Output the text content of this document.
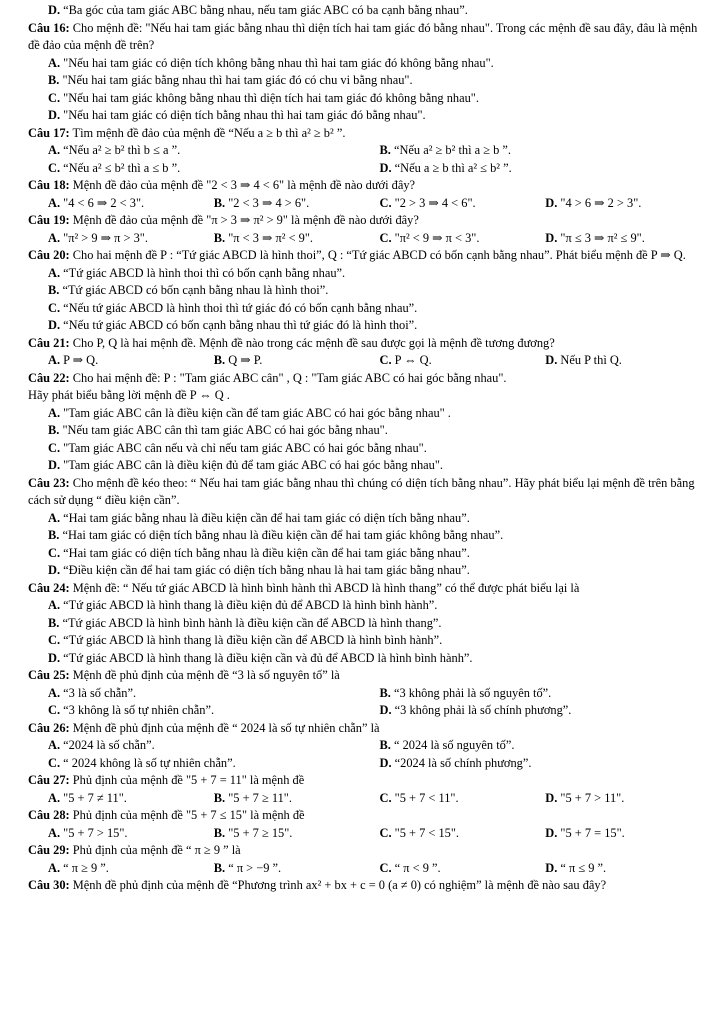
D. “Ba góc của tam giác ABC bằng nhau, nếu tam giác ABC có ba cạnh bằng nhau”.
Câu 16: Cho mệnh đề: "Nếu hai tam giác bằng nhau thì diện tích hai tam giác đó bằng nhau". Trong các mệnh đề sau đây, đâu là mệnh đề đảo của mệnh đề trên?
A. "Nếu hai tam giác có diện tích không bằng nhau thì hai tam giác đó không bằng nhau".
B. "Nếu hai tam giác bằng nhau thì hai tam giác đó có chu vi bằng nhau".
C. "Nếu hai tam giác không bằng nhau thì diện tích hai tam giác đó không bằng nhau".
D. "Nếu hai tam giác có diện tích bằng nhau thì hai tam giác đó bằng nhau".
Câu 17: Tìm mệnh đề đảo của mệnh đề “Nếu a ≥ b thì a² ≥ b² ”.
A. “Nếu a² ≥ b² thì b ≤ a ”.	B. “Nếu a² ≥ b² thì a ≥ b ”.
C. “Nếu a² ≤ b² thì a ≤ b ”.	D. “Nếu a ≥ b thì a² ≤ b² ”.
Câu 18: Mệnh đề đảo của mệnh đề "2 < 3 ⇒ 4 < 6" là mệnh đề nào dưới đây?
A. "4 < 6 ⇒ 2 < 3".	B. "2 < 3 ⇒ 4 > 6".	C. "2 > 3 ⇒ 4 < 6".	D. "4 > 6 ⇒ 2 > 3".
Câu 19: Mệnh đề đảo của mệnh đề "π > 3 ⇒ π² > 9" là mệnh đề nào dưới đây?
A. "π² > 9 ⇒ π > 3".	B. "π < 3 ⇒ π² < 9".	C. "π² < 9 ⇒ π < 3".	D. "π ≤ 3 ⇒ π² ≤ 9".
Câu 20: Cho hai mệnh đề P : “Tứ giác ABCD là hình thoi”, Q : “Tứ giác ABCD có bốn cạnh bằng nhau”. Phát biểu mệnh đề P ⇒ Q.
A. “Tứ giác ABCD là hình thoi thì có bốn cạnh bằng nhau”.
B. “Tứ giác ABCD có bốn cạnh bằng nhau là hình thoi”.
C. “Nếu tứ giác ABCD là hình thoi thì tứ giác đó có bốn cạnh bằng nhau”.
D. “Nếu tứ giác ABCD có bốn cạnh bằng nhau thì tứ giác đó là hình thoi”.
Câu 21: Cho P, Q là hai mệnh đề. Mệnh đề nào trong các mệnh đề sau được gọi là mệnh đề tương đương?
A. P ⇒ Q.	B. Q ⇒ P.	C. P ⇔ Q.	D. Nếu P thì Q.
Câu 22: Cho hai mệnh đề: P : "Tam giác ABC cân" , Q : "Tam giác ABC có hai góc bằng nhau".
Hãy phát biểu bằng lời mệnh đề P ⇔ Q .
A. "Tam giác ABC cân là điều kiện cần để tam giác ABC có hai góc bằng nhau" .
B. "Nếu tam giác ABC cân thì tam giác ABC có hai góc bằng nhau".
C. "Tam giác ABC cân nếu và chỉ nếu tam giác ABC có hai góc bằng nhau".
D. "Tam giác ABC cân là điều kiện đủ để tam giác ABC có hai góc bằng nhau".
Câu 23: Cho mệnh đề kéo theo: “ Nếu hai tam giác bằng nhau thì chúng có diện tích bằng nhau”. Hãy phát biểu lại mệnh đề trên bằng cách sử dụng “ điều kiện cần”.
A. “Hai tam giác bằng nhau là điều kiện cần để hai tam giác có diện tích bằng nhau”.
B. “Hai tam giác có diện tích bằng nhau là điều kiện cần để hai tam giác không bằng nhau”.
C. “Hai tam giác có diện tích bằng nhau là điều kiện cần để hai tam giác bằng nhau”.
D. “Điều kiện cần để hai tam giác có diện tích bằng nhau là hai tam giác bằng nhau”.
Câu 24: Mệnh đề: “ Nếu tứ giác ABCD là hình bình hành thì ABCD là hình thang” có thể được phát biểu lại là
A. “Tứ giác ABCD là hình thang là điều kiện đủ để ABCD là hình bình hành”.
B. “Tứ giác ABCD là hình bình hành là điều kiện cần để ABCD là hình thang”.
C. “Tứ giác ABCD là hình thang là điều kiện cần để ABCD là hình bình hành”.
D. “Tứ giác ABCD là hình thang là điều kiện cần và đủ để ABCD là hình bình hành”.
Câu 25: Mệnh đề phủ định của mệnh đề “3 là số nguyên tố” là
A. “3 là số chẵn”.	B. “3 không phải là số nguyên tố”.
C. “3 không là số tự nhiên chẵn”.	D. “3 không phải là số chính phương”.
Câu 26: Mệnh đề phủ định của mệnh đề “ 2024 là số tự nhiên chẵn” là
A. “2024 là số chẵn”.	B. “ 2024 là số nguyên tố”.
C. “ 2024 không là số tự nhiên chẵn”.	D. “2024 là số chính phương”.
Câu 27: Phủ định của mệnh đề "5 + 7 = 11" là mệnh đề
A. "5 + 7 ≠ 11".	B. "5 + 7 ≥ 11".	C. "5 + 7 < 11".	D. "5 + 7 > 11".
Câu 28: Phủ định của mệnh đề "5 + 7 ≤ 15" là mệnh đề
A. "5 + 7 > 15".	B. "5 + 7 ≥ 15".	C. "5 + 7 < 15".	D. "5 + 7 = 15".
Câu 29: Phủ định của mệnh đề “ π ≥ 9 ” là
A. “ π ≥ 9 ”.	B. “ π > −9 ”.	C. “ π < 9 ”.	D. “ π ≤ 9 ”.
Câu 30: Mệnh đề phủ định của mệnh đề “Phương trình ax² + bx + c = 0 (a ≠ 0) có nghiệm” là mệnh đề nào sau đây?
